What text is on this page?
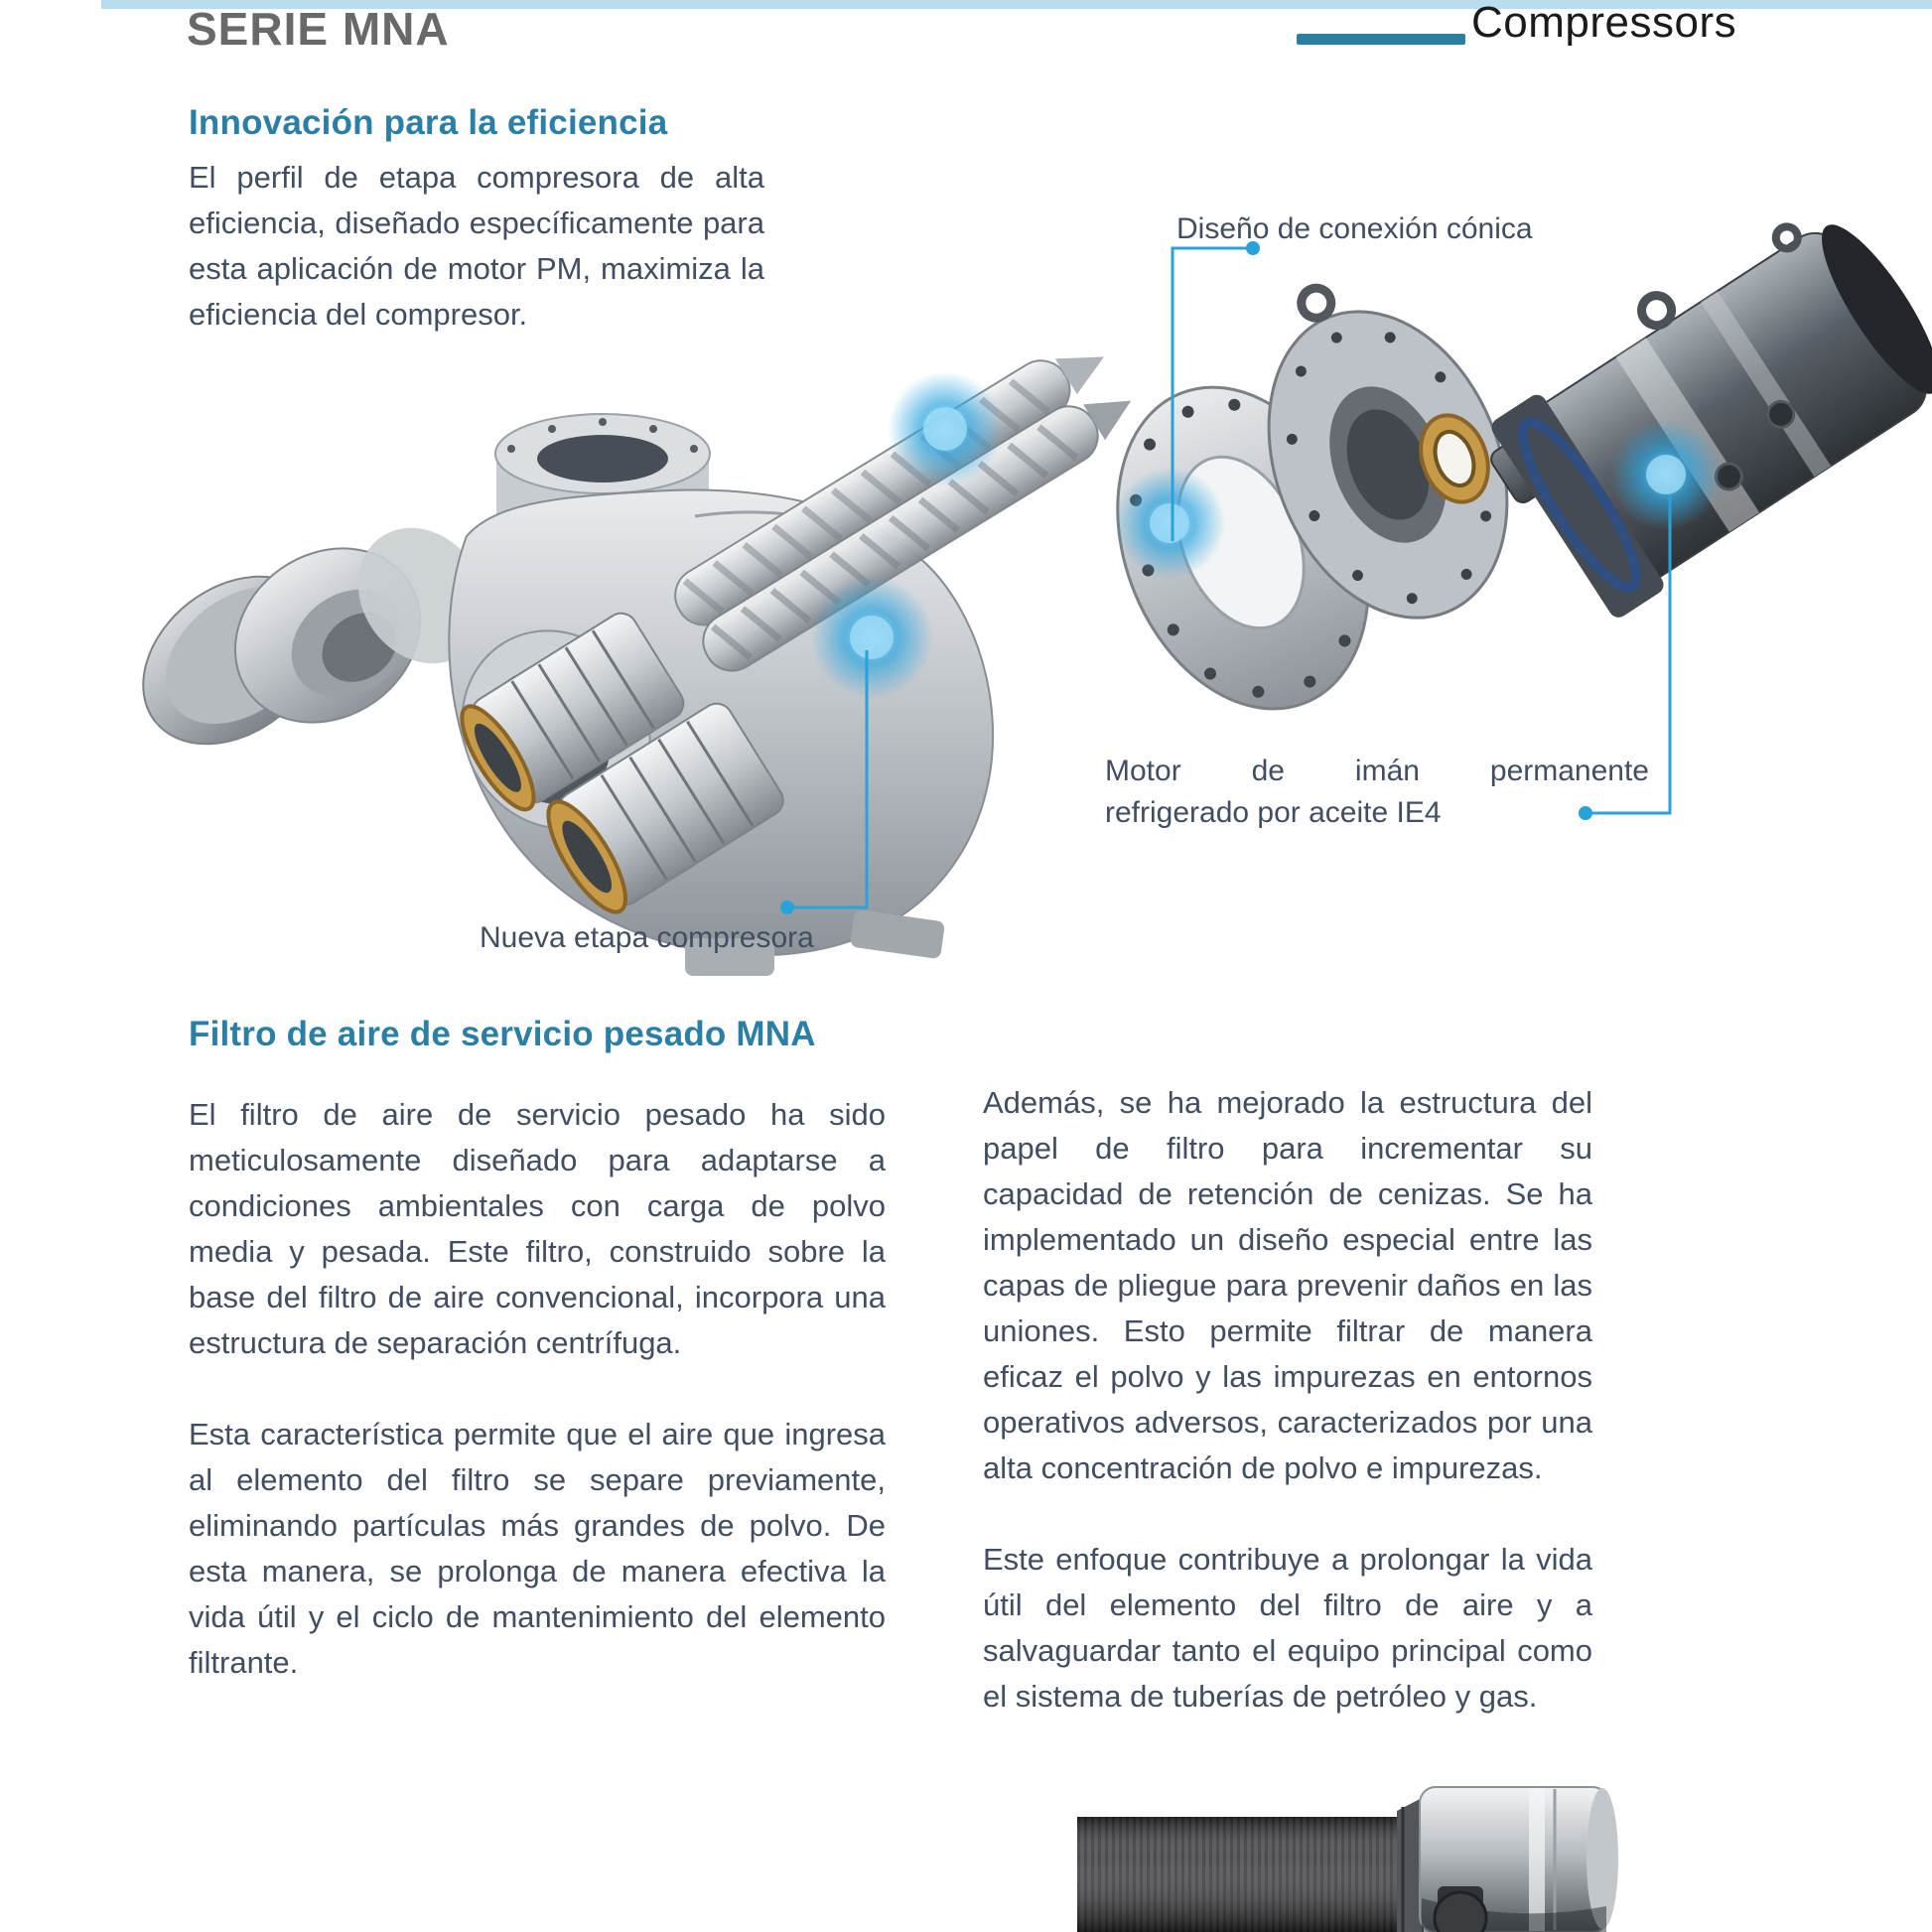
SERIE MNA	Compressors
Innovación para la eficiencia
El perfil de etapa compresora de alta eficiencia, diseñado específicamente para esta aplicación de motor PM, maximiza la eficiencia del compresor.
Diseño de conexión cónica
Motor de imán permanente
refrigerado por aceite IE4
Nueva etapa compresora
Filtro de aire de servicio pesado MNA
El filtro de aire de servicio pesado ha sido meticulosamente diseñado para adaptarse a condiciones ambientales con carga de polvo media y pesada. Este filtro, construido sobre la base del filtro de aire convencional, incorpora una estructura de separación centrífuga.
Esta característica permite que el aire que ingresa al elemento del filtro se separe previamente, eliminando partículas más grandes de polvo. De esta manera, se prolonga de manera efectiva la vida útil y el ciclo de mantenimiento del elemento filtrante.
Además, se ha mejorado la estructura del papel de filtro para incrementar su capacidad de retención de cenizas. Se ha implementado un diseño especial entre las capas de pliegue para prevenir daños en las uniones. Esto permite filtrar de manera eficaz el polvo y las impurezas en entornos operativos adversos, caracterizados por una alta concentración de polvo e impurezas.
Este enfoque contribuye a prolongar la vida útil del elemento del filtro de aire y a salvaguardar tanto el equipo principal como el sistema de tuberías de petróleo y gas.
